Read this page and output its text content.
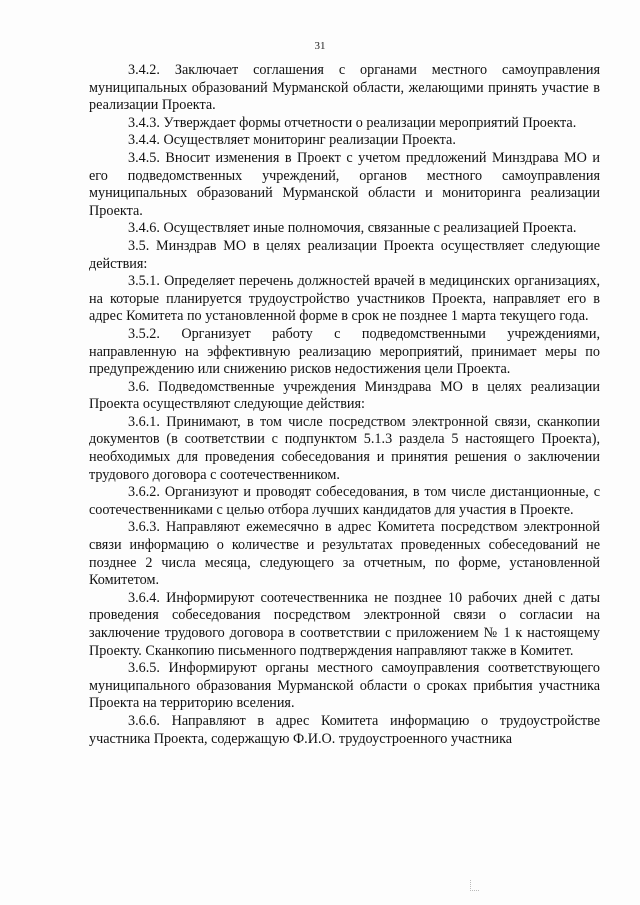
31

3.4.2. Заключает соглашения с органами местного самоуправления муниципальных образований Мурманской области, желающими принять участие в реализации Проекта.

3.4.3. Утверждает формы отчетности о реализации мероприятий Проекта.

3.4.4. Осуществляет мониторинг реализации Проекта.

3.4.5. Вносит изменения в Проект с учетом предложений Минздрава МО и его подведомственных учреждений, органов местного самоуправления муниципальных образований Мурманской области и мониторинга реализации Проекта.

3.4.6. Осуществляет иные полномочия, связанные с реализацией Проекта.

3.5. Минздрав МО в целях реализации Проекта осуществляет следующие действия:

3.5.1. Определяет перечень должностей врачей в медицинских организациях, на которые планируется трудоустройство участников Проекта, направляет его в адрес Комитета по установленной форме в срок не позднее 1 марта текущего года.

3.5.2. Организует работу с подведомственными учреждениями, направленную на эффективную реализацию мероприятий, принимает меры по предупреждению или снижению рисков недостижения цели Проекта.

3.6. Подведомственные учреждения Минздрава МО в целях реализации Проекта осуществляют следующие действия:

3.6.1. Принимают, в том числе посредством электронной связи, сканкопии документов (в соответствии с подпунктом 5.1.3 раздела 5 настоящего Проекта), необходимых для проведения собеседования и принятия решения о заключении трудового договора с соотечественником.

3.6.2. Организуют и проводят собеседования, в том числе дистанционные, с соотечественниками с целью отбора лучших кандидатов для участия в Проекте.

3.6.3. Направляют ежемесячно в адрес Комитета посредством электронной связи информацию о количестве и результатах проведенных собеседований не позднее 2 числа месяца, следующего за отчетным, по форме, установленной Комитетом.

3.6.4. Информируют соотечественника не позднее 10 рабочих дней с даты проведения собеседования посредством электронной связи о согласии на заключение трудового договора в соответствии с приложением № 1 к настоящему Проекту. Сканкопию письменного подтверждения направляют также в Комитет.

3.6.5. Информируют органы местного самоуправления соответствующего муниципального образования Мурманской области о сроках прибытия участника Проекта на территорию вселения.

3.6.6. Направляют в адрес Комитета информацию о трудоустройстве участника Проекта, содержащую Ф.И.О. трудоустроенного участника
